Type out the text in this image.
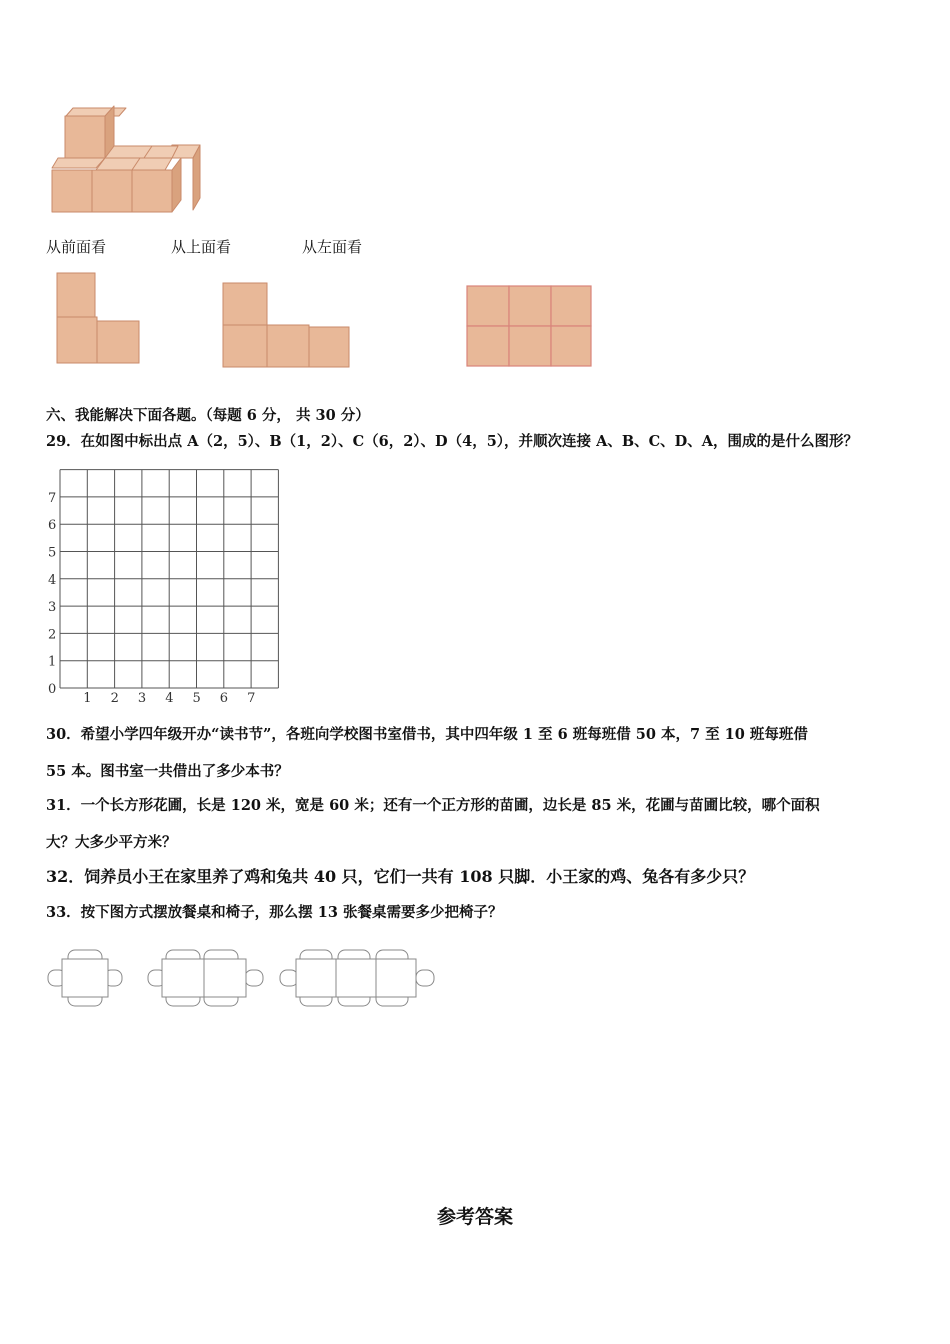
从前面看	从上面看	从左面看
六、我能解决下面各题。（每题 6 分， 共 30 分）
29．在如图中标出点 A（2，5）、B（1，2）、C（6，2）、D（4，5），并顺次连接 A、B、C、D、A，围成的是什么图形？
0
1
2
3
4
5
6
7
1 2 3 4 5 6 7
30．希望小学四年级开办“读书节”，各班向学校图书室借书，其中四年级 1 至 6 班每班借 50 本，7 至 10 班每班借
55 本。图书室一共借出了多少本书？
31．一个长方形花圃，长是 120 米，宽是 60 米；还有一个正方形的苗圃，边长是 85 米，花圃与苗圃比较，哪个面积
大？大多少平方米？
32．饲养员小王在家里养了鸡和兔共 40 只，它们一共有 108 只脚．小王家的鸡、兔各有多少只？
33．按下图方式摆放餐桌和椅子，那么摆 13 张餐桌需要多少把椅子？
参考答案
